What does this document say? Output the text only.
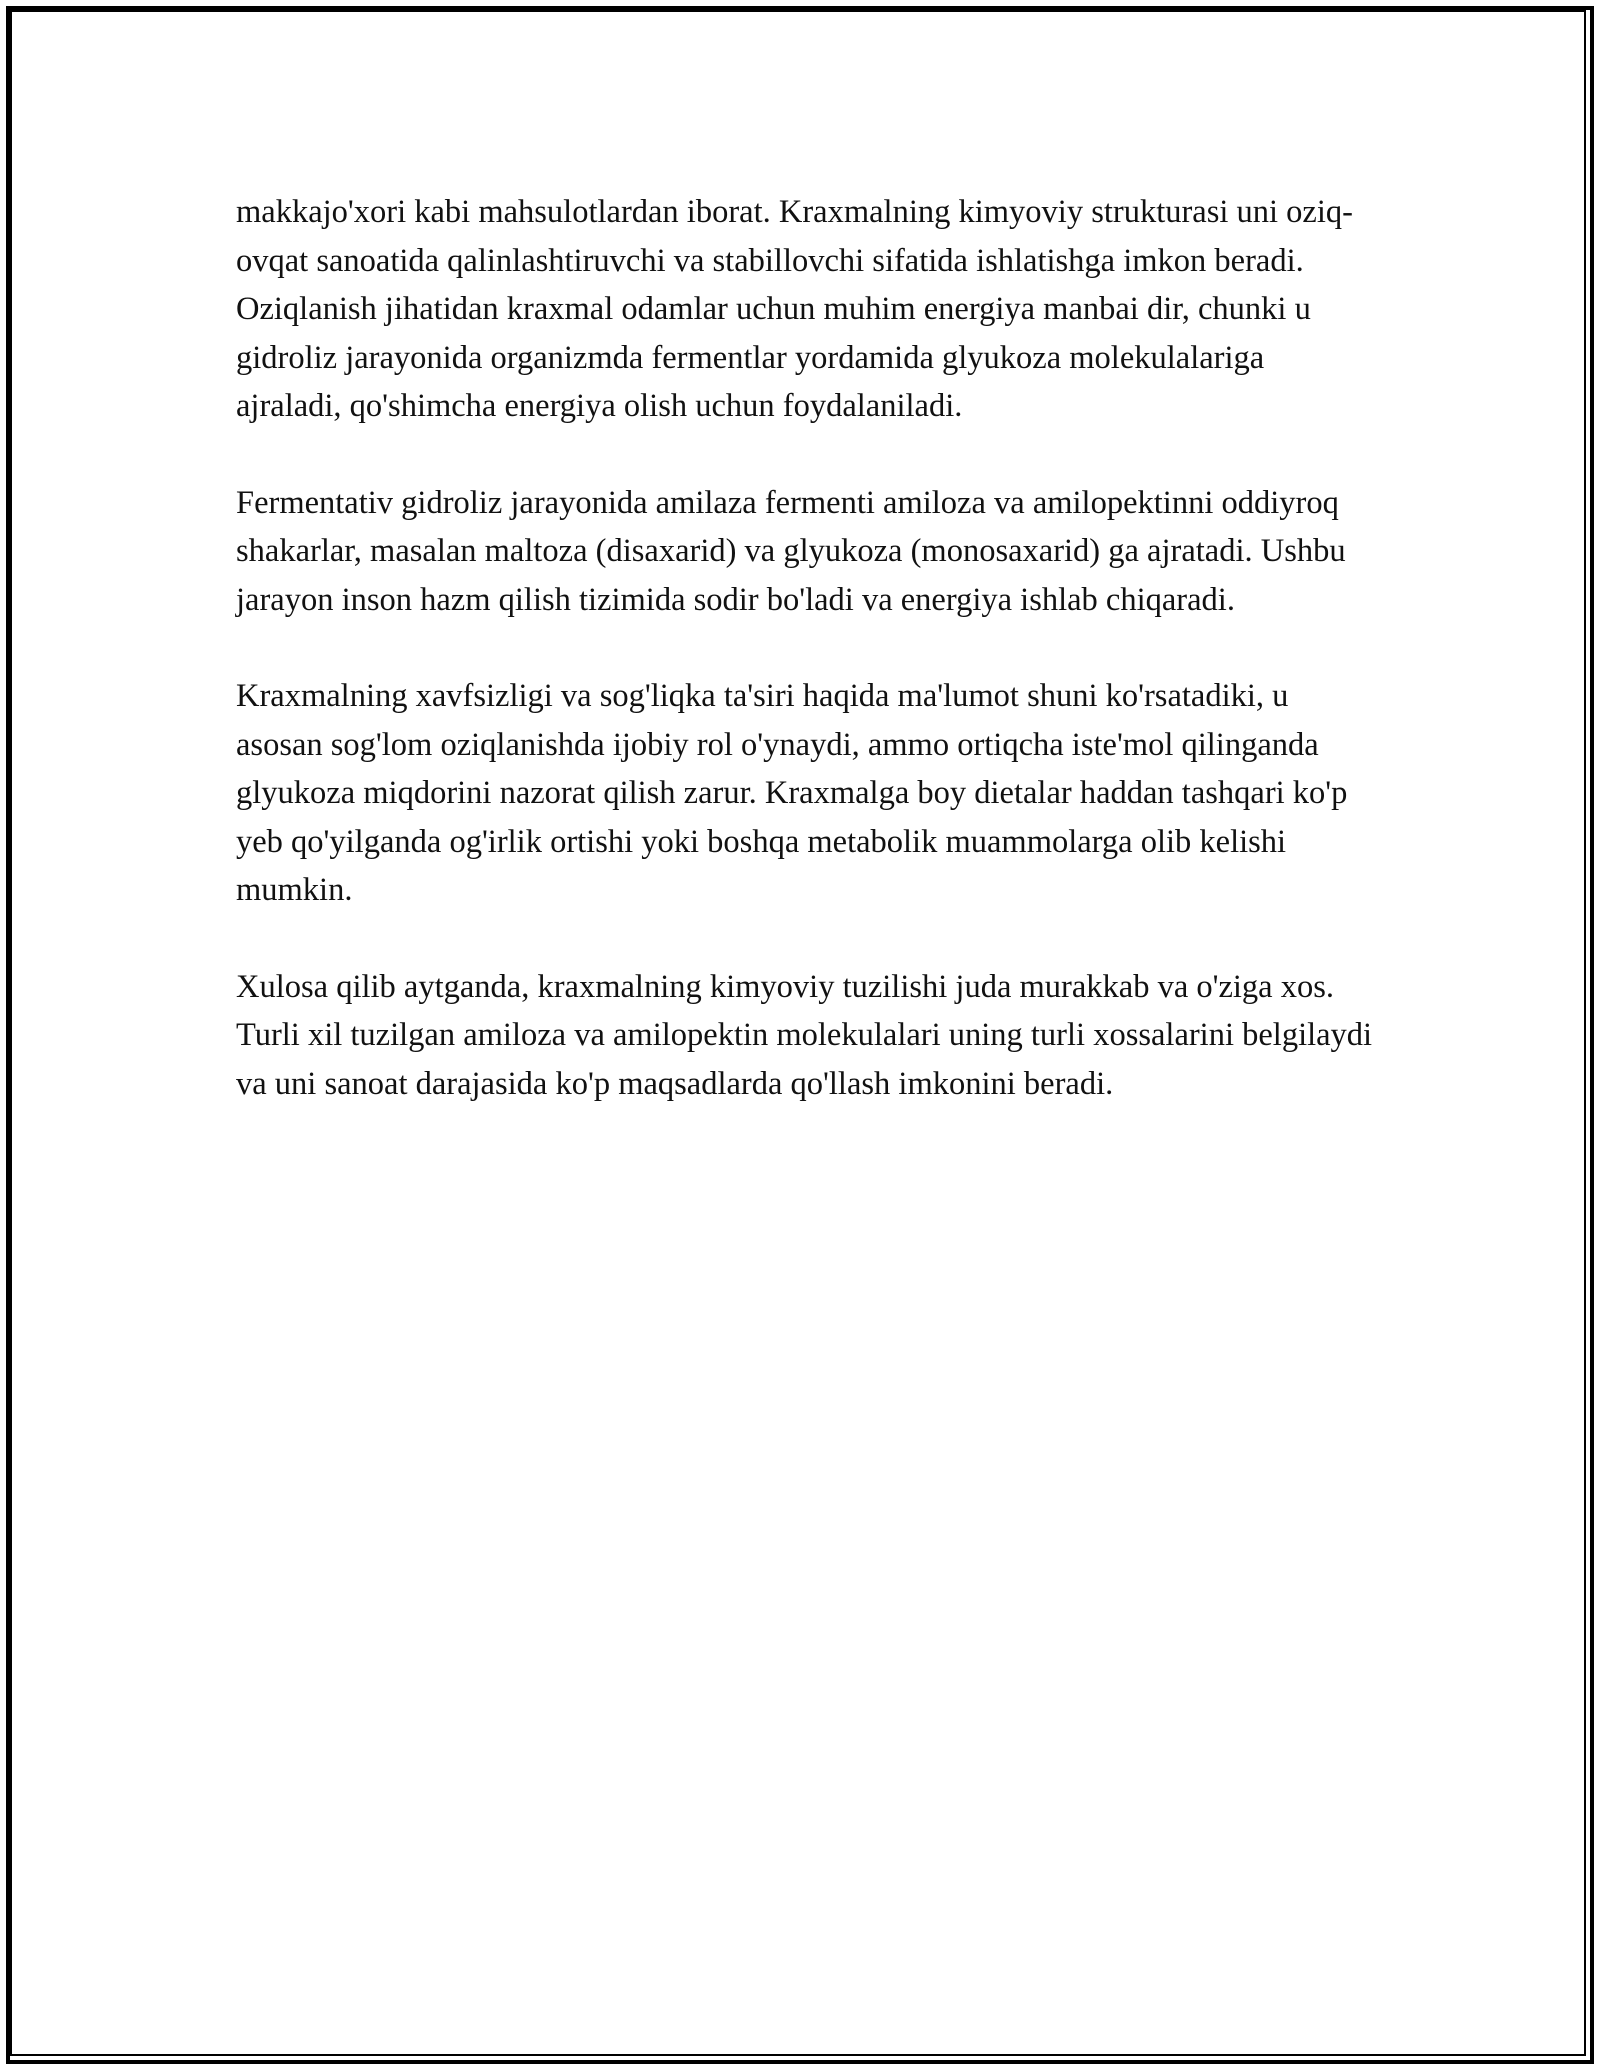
makkajo'xori kabi mahsulotlardan iborat. Kraxmalning kimyoviy strukturasi uni oziq-ovqat sanoatida qalinlashtiruvchi va stabillovchi sifatida ishlatishga imkon beradi. Oziqlanish jihatidan kraxmal odamlar uchun muhim energiya manbai dir, chunki u gidroliz jarayonida organizmda fermentlar yordamida glyukoza molekulalariga ajraladi, qo'shimcha energiya olish uchun foydalaniladi.

Fermentativ gidroliz jarayonida amilaza fermenti amiloza va amilopektinni oddiyroq shakarlar, masalan maltoza (disaxarid) va glyukoza (monosaxarid) ga ajratadi. Ushbu jarayon inson hazm qilish tizimida sodir bo'ladi va energiya ishlab chiqaradi.

Kraxmalning xavfsizligi va sog'liqka ta'siri haqida ma'lumot shuni ko'rsatadiki, u asosan sog'lom oziqlanishda ijobiy rol o'ynaydi, ammo ortiqcha iste'mol qilinganda glyukoza miqdorini nazorat qilish zarur. Kraxmalga boy dietalar haddan tashqari ko'p yeb qo'yilganda og'irlik ortishi yoki boshqa metabolik muammolarga olib kelishi mumkin.

Xulosa qilib aytganda, kraxmalning kimyoviy tuzilishi juda murakkab va o'ziga xos. Turli xil tuzilgan amiloza va amilopektin molekulalari uning turli xossalarini belgilaydi va uni sanoat darajasida ko'p maqsadlarda qo'llash imkonini beradi.
